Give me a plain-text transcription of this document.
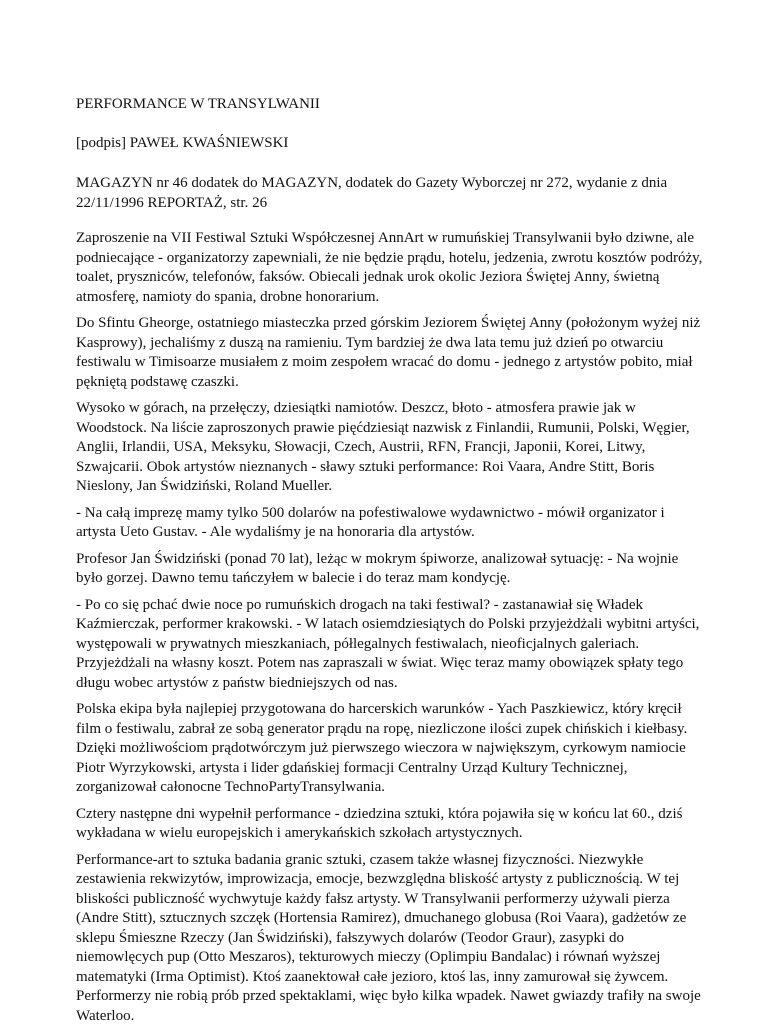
PERFORMANCE W TRANSYLWANII

[podpis] PAWEŁ KWAŚNIEWSKI

MAGAZYN nr 46 dodatek do MAGAZYN, dodatek do Gazety Wyborczej nr 272, wydanie z dnia 22/11/1996 REPORTAŻ, str. 26

Zaproszenie na VII Festiwal Sztuki Współczesnej AnnArt w rumuńskiej Transylwanii było dziwne, ale podniecające - organizatorzy zapewniali, że nie będzie prądu, hotelu, jedzenia, zwrotu kosztów podróży, toalet, pryszniców, telefonów, faksów. Obiecali jednak urok okolic Jeziora Świętej Anny, świetną atmosferę, namioty do spania, drobne honorarium.

Do Sfintu Gheorge, ostatniego miasteczka przed górskim Jeziorem Świętej Anny (położonym wyżej niż Kasprowy), jechaliśmy z duszą na ramieniu. Tym bardziej że dwa lata temu już dzień po otwarciu festiwalu w Timisoarze musiałem z moim zespołem wracać do domu - jednego z artystów pobito, miał pękniętą podstawę czaszki.

Wysoko w górach, na przełęczy, dziesiątki namiotów. Deszcz, błoto - atmosfera prawie jak w Woodstock. Na liście zaproszonych prawie pięćdziesiąt nazwisk z Finlandii, Rumunii, Polski, Węgier, Anglii, Irlandii, USA, Meksyku, Słowacji, Czech, Austrii, RFN, Francji, Japonii, Korei, Litwy, Szwajcarii. Obok artystów nieznanych - sławy sztuki performance: Roi Vaara, Andre Stitt, Boris Nieslony, Jan Świdziński, Roland Mueller.

- Na całą imprezę mamy tylko 500 dolarów na pofestiwalowe wydawnictwo - mówił organizator i artysta Ueto Gustav. - Ale wydaliśmy je na honoraria dla artystów.

Profesor Jan Świdziński (ponad 70 lat), leżąc w mokrym śpiworze, analizował sytuację: - Na wojnie było gorzej. Dawno temu tańczyłem w balecie i do teraz mam kondycję.

- Po co się pchać dwie noce po rumuńskich drogach na taki festiwal? - zastanawiał się Władek Kaźmierczak, performer krakowski. - W latach osiemdziesiątych do Polski przyjeżdżali wybitni artyści, występowali w prywatnych mieszkaniach, półlegalnych festiwalach, nieoficjalnych galeriach. Przyjeżdżali na własny koszt. Potem nas zapraszali w świat. Więc teraz mamy obowiązek spłaty tego długu wobec artystów z państw biedniejszych od nas.

Polska ekipa była najlepiej przygotowana do harcerskich warunków - Yach Paszkiewicz, który kręcił film o festiwalu, zabrał ze sobą generator prądu na ropę, niezliczone ilości zupek chińskich i kiełbasy. Dzięki możliwościom prądotwórczym już pierwszego wieczora w największym, cyrkowym namiocie Piotr Wyrzykowski, artysta i lider gdańskiej formacji Centralny Urząd Kultury Technicznej, zorganizował całonocne TechnoPartyTransylwania.

Cztery następne dni wypełnił performance - dziedzina sztuki, która pojawiła się w końcu lat 60., dziś wykładana w wielu europejskich i amerykańskich szkołach artystycznych.

Performance-art to sztuka badania granic sztuki, czasem także własnej fizyczności. Niezwykłe zestawienia rekwizytów, improwizacja, emocje, bezwzględna bliskość artysty z publicznością. W tej bliskości publiczność wychwytuje każdy fałsz artysty. W Transylwanii performerzy używali pierza (Andre Stitt), sztucznych szczęk (Hortensia Ramirez), dmuchanego globusa (Roi Vaara), gadżetów ze sklepu Śmieszne Rzeczy (Jan Świdziński), fałszywych dolarów (Teodor Graur), zasypki do niemowlęcych pup (Otto Meszaros), tekturowych mieczy (Oplimpiu Bandalac) i równań wyższej matematyki (Irma Optimist). Ktoś zaanektował całe jezioro, ktoś las, inny zamurował się żywcem. Performerzy nie robią prób przed spektaklami, więc było kilka wpadek. Nawet gwiazdy trafiły na swoje Waterloo.
